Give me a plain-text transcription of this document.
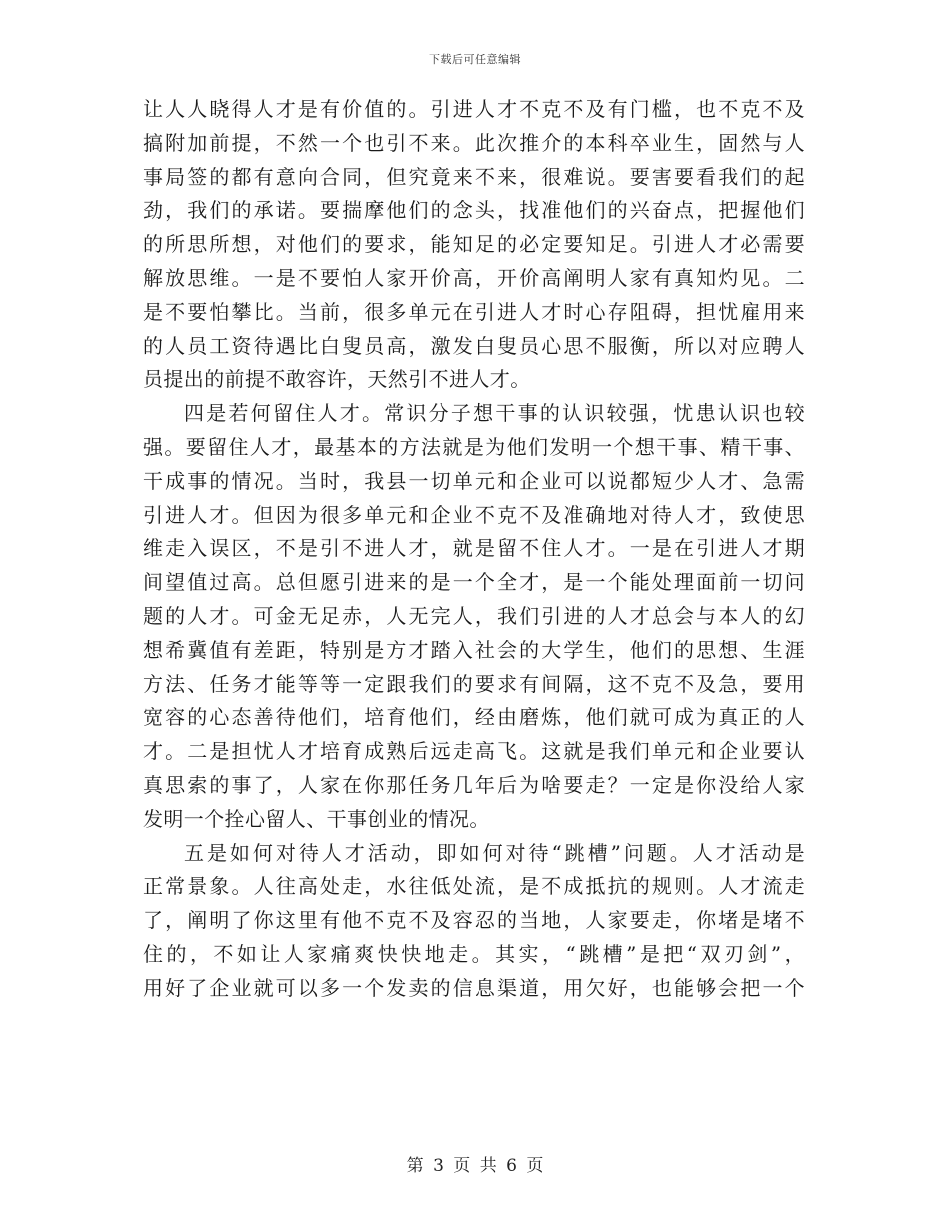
下载后可任意编辑
让人人晓得人才是有价值的。引进人才不克不及有门槛，也不克不及
搞附加前提，不然一个也引不来。此次推介的本科卒业生，固然与人
事局签的都有意向合同，但究竟来不来，很难说。要害要看我们的起
劲，我们的承诺。要揣摩他们的念头，找准他们的兴奋点，把握他们
的所思所想，对他们的要求，能知足的必定要知足。引进人才必需要
解放思维。一是不要怕人家开价高，开价高阐明人家有真知灼见。二
是不要怕攀比。当前，很多单元在引进人才时心存阻碍，担忧雇用来
的人员工资待遇比白叟员高，激发白叟员心思不服衡，所以对应聘人
员提出的前提不敢容许，天然引不进人才。
四是若何留住人才。常识分子想干事的认识较强，忧患认识也较
强。要留住人才，最基本的方法就是为他们发明一个想干事、精干事、
干成事的情况。当时，我县一切单元和企业可以说都短少人才、急需
引进人才。但因为很多单元和企业不克不及准确地对待人才，致使思
维走入误区，不是引不进人才，就是留不住人才。一是在引进人才期
间望值过高。总但愿引进来的是一个全才，是一个能处理面前一切问
题的人才。可金无足赤，人无完人，我们引进的人才总会与本人的幻
想希冀值有差距，特别是方才踏入社会的大学生，他们的思想、生涯
方法、任务才能等等一定跟我们的要求有间隔，这不克不及急，要用
宽容的心态善待他们，培育他们，经由磨炼，他们就可成为真正的人
才。二是担忧人才培育成熟后远走高飞。这就是我们单元和企业要认
真思索的事了，人家在你那任务几年后为啥要走？一定是你没给人家
发明一个拴心留人、干事创业的情况。
五是如何对待人才活动，即如何对待“跳槽”问题。人才活动是
正常景象。人往高处走，水往低处流，是不成抵抗的规则。人才流走
了，阐明了你这里有他不克不及容忍的当地，人家要走，你堵是堵不
住的，不如让人家痛爽快快地走。其实，“跳槽”是把“双刃剑”，
用好了企业就可以多一个发卖的信息渠道，用欠好，也能够会把一个
第 3 页 共 6 页
